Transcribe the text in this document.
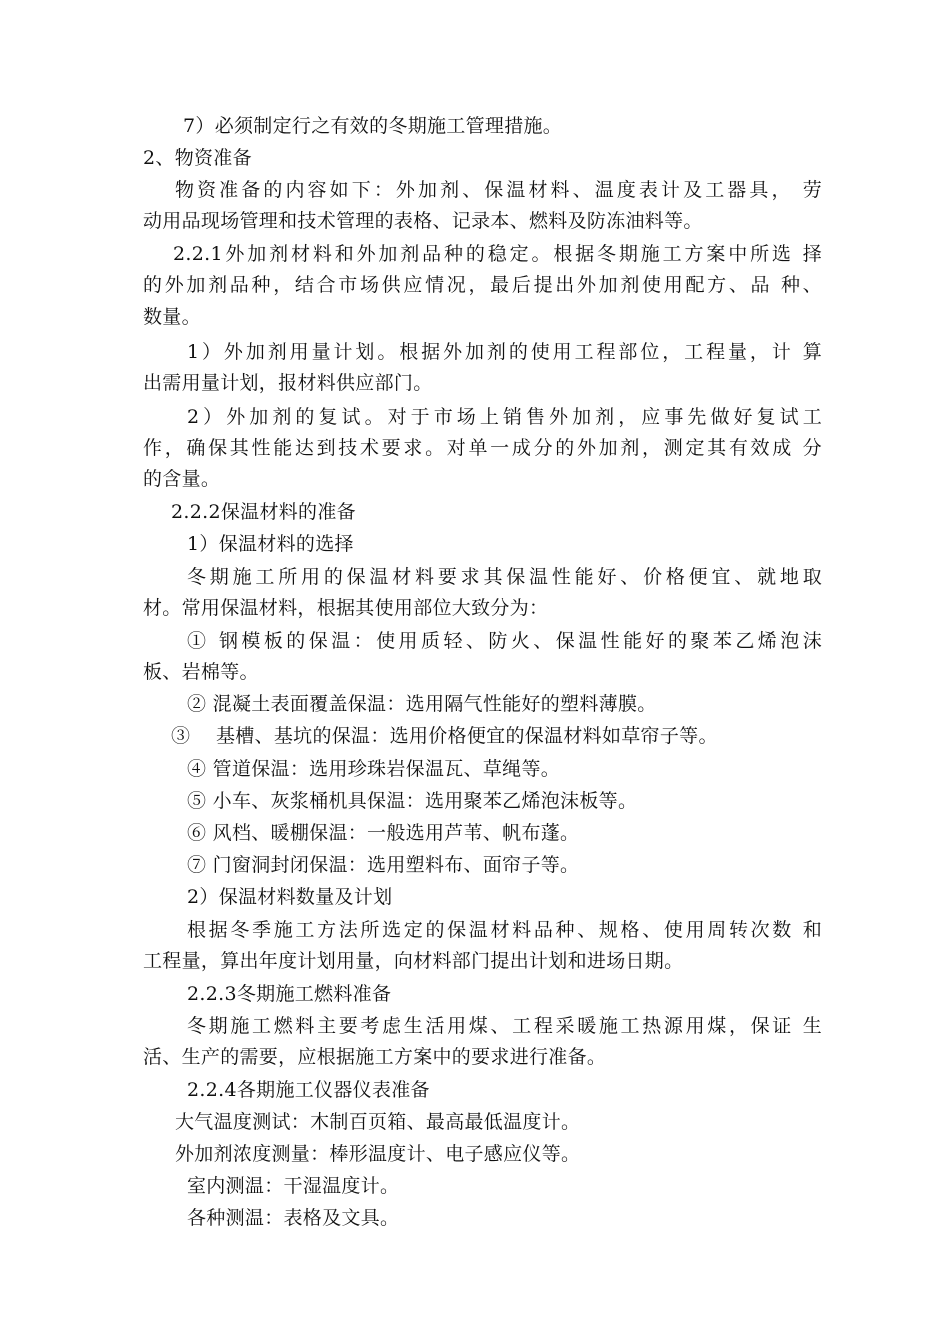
7）必须制定行之有效的冬期施工管理措施。
2、物资准备
物资准备的内容如下：外加剂、保温材料、温度表计及工器具， 劳
动用品现场管理和技术管理的表格、记录本、燃料及防冻油料等。
2.2.1外加剂材料和外加剂品种的稳定。根据冬期施工方案中所选 择
的外加剂品种，结合市场供应情况，最后提出外加剂使用配方、品 种、
数量。
1）外加剂用量计划。根据外加剂的使用工程部位，工程量，计 算
出需用量计划，报材料供应部门。
2）外加剂的复试。对于市场上销售外加剂，应事先做好复试工
作，确保其性能达到技术要求。对单一成分的外加剂，测定其有效成 分
的含量。
2.2.2保温材料的准备
1）保温材料的选择
冬期施工所用的保温材料要求其保温性能好、价格便宜、就地取
材。常用保温材料，根据其使用部位大致分为：
① 钢模板的保温：使用质轻、防火、保温性能好的聚苯乙烯泡沫
板、岩棉等。
② 混凝土表面覆盖保温：选用隔气性能好的塑料薄膜。
③　 基槽、基坑的保温：选用价格便宜的保温材料如草帘子等。
④ 管道保温：选用珍珠岩保温瓦、草绳等。
⑤ 小车、灰浆桶机具保温：选用聚苯乙烯泡沫板等。
⑥ 风档、暖棚保温：一般选用芦苇、帆布蓬。
⑦ 门窗洞封闭保温：选用塑料布、面帘子等。
2）保温材料数量及计划
根据冬季施工方法所选定的保温材料品种、规格、使用周转次数 和
工程量，算出年度计划用量，向材料部门提出计划和进场日期。
2.2.3冬期施工燃料准备
冬期施工燃料主要考虑生活用煤、工程采暖施工热源用煤，保证 生
活、生产的需要，应根据施工方案中的要求进行准备。
2.2.4各期施工仪器仪表准备
大气温度测试：木制百页箱、最高最低温度计。
外加剂浓度测量：棒形温度计、电子感应仪等。
室内测温：干湿温度计。
各种测温：表格及文具。
